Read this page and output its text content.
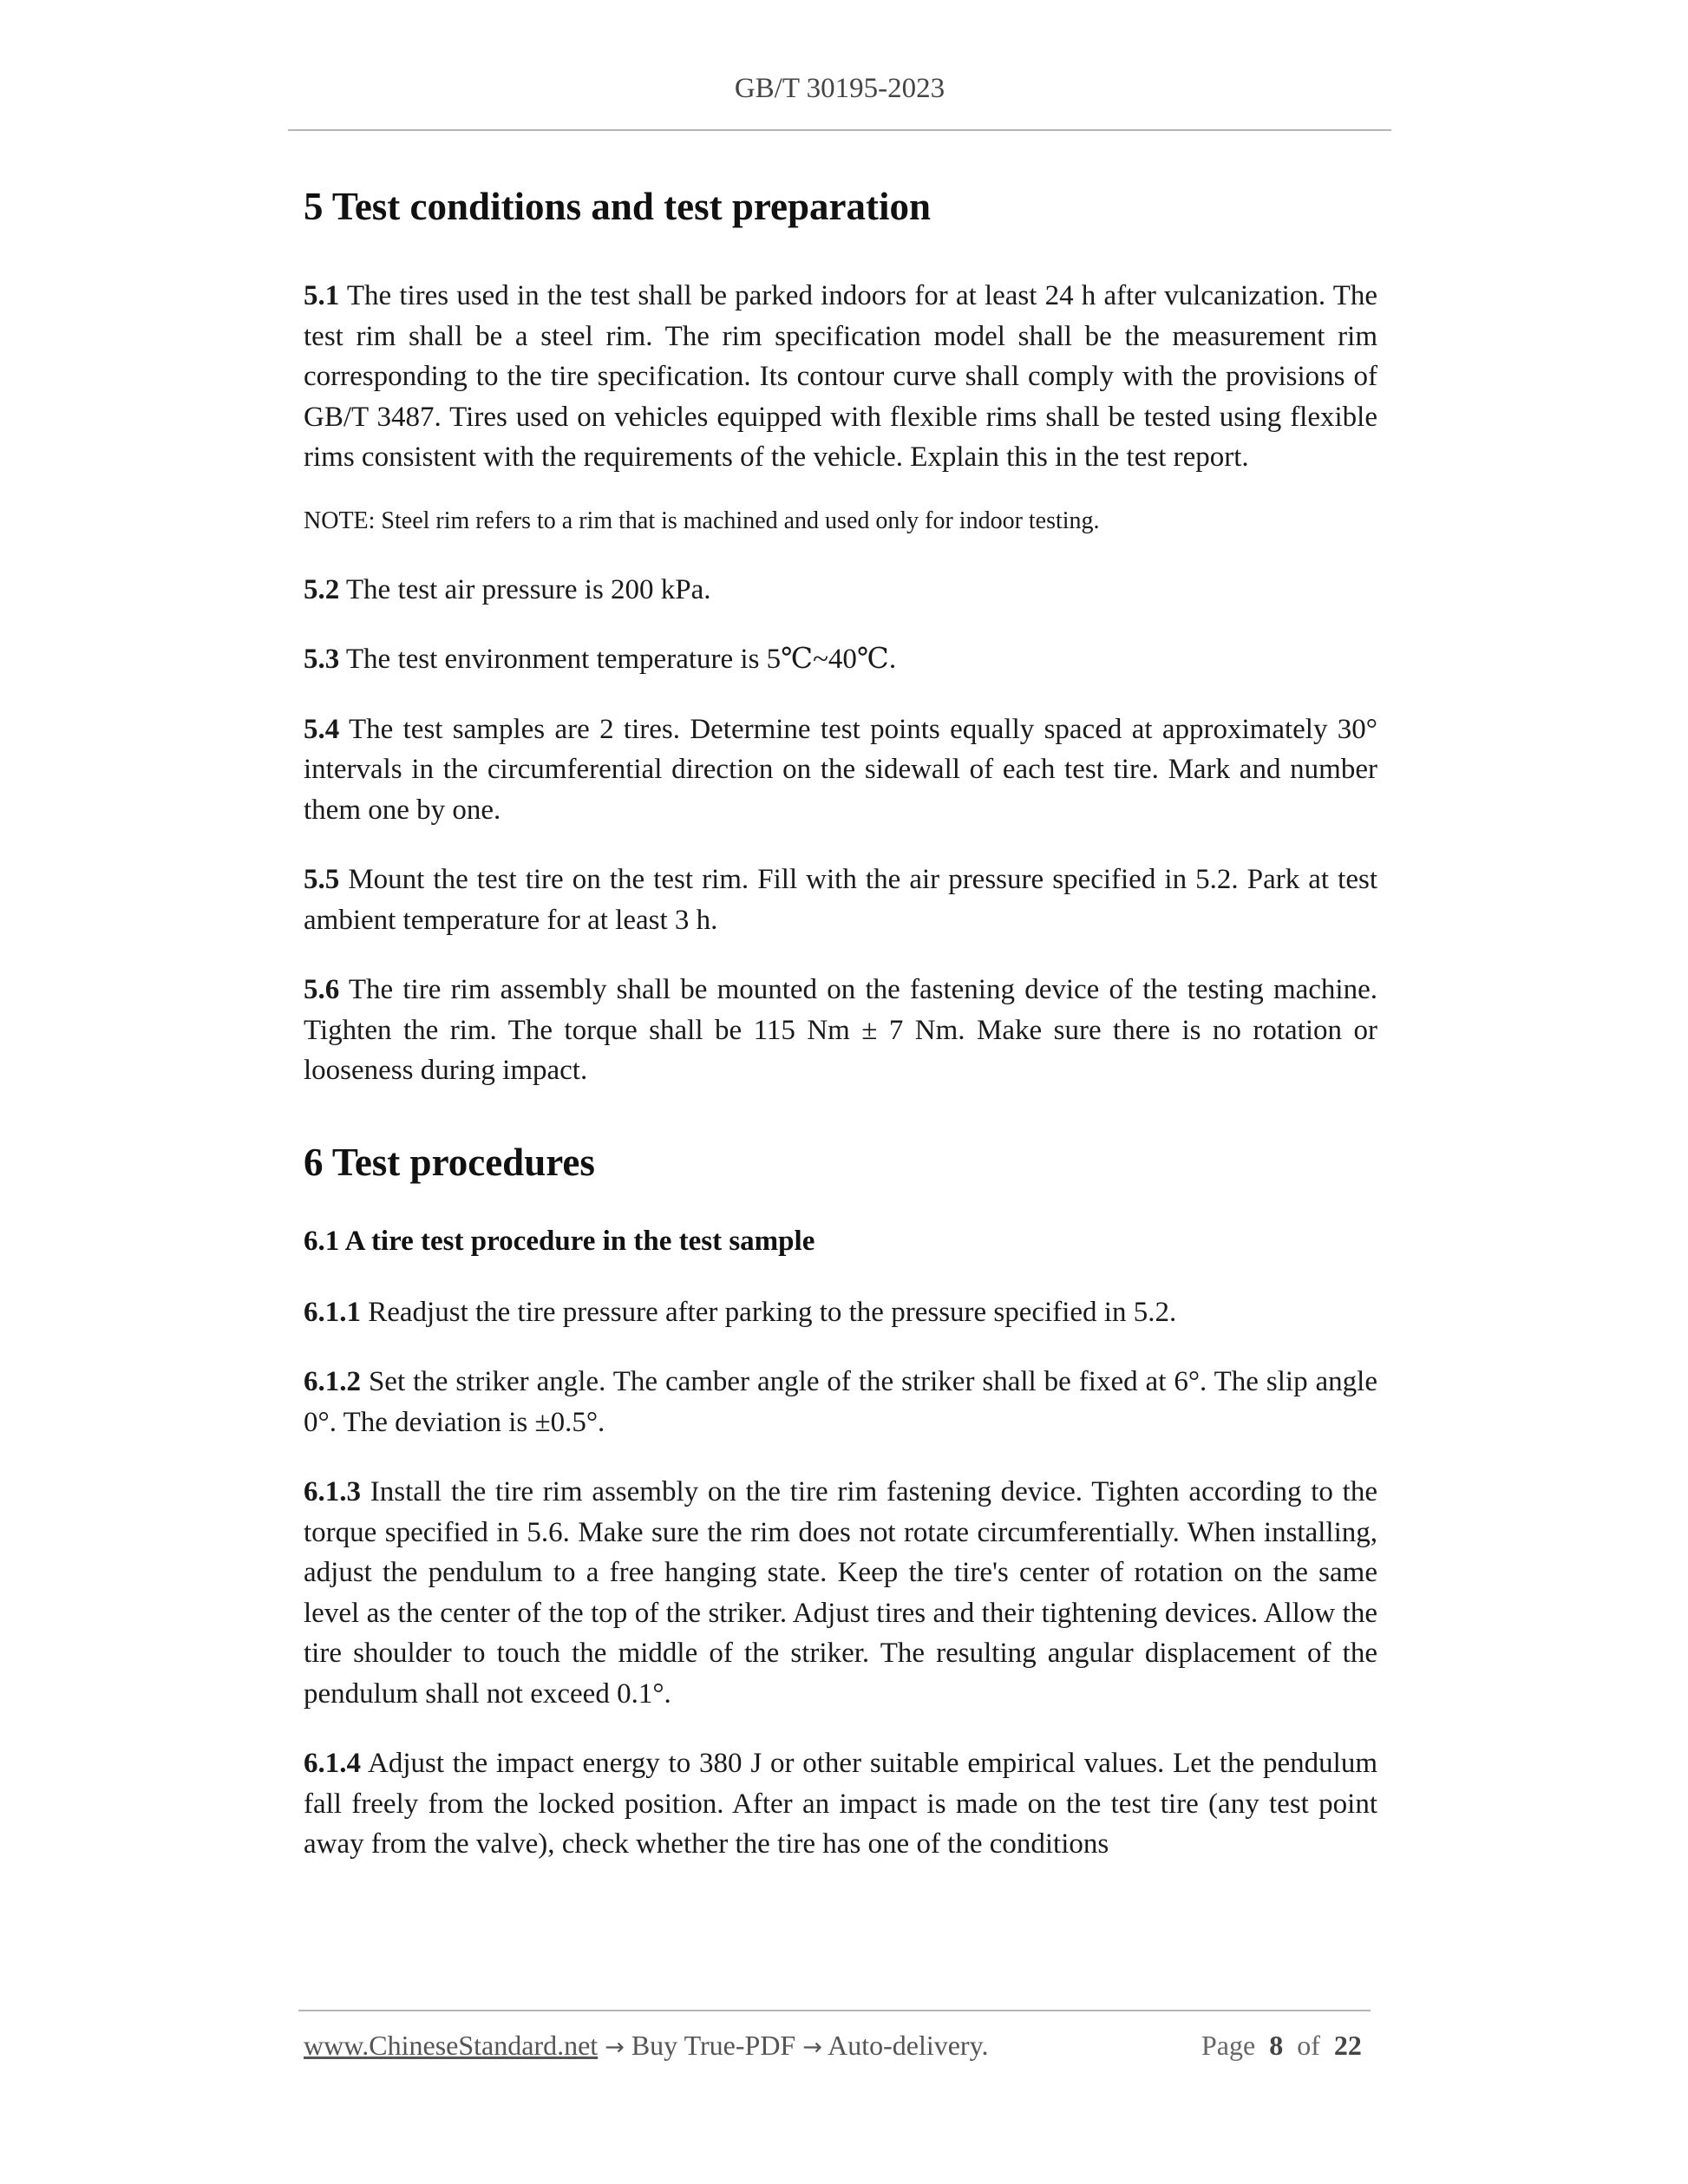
GB/T 30195-2023
5 Test conditions and test preparation

5.1 The tires used in the test shall be parked indoors for at least 24 h after vulcanization. The test rim shall be a steel rim. The rim specification model shall be the measurement rim corresponding to the tire specification. Its contour curve shall comply with the provisions of GB/T 3487. Tires used on vehicles equipped with flexible rims shall be tested using flexible rims consistent with the requirements of the vehicle. Explain this in the test report.

NOTE: Steel rim refers to a rim that is machined and used only for indoor testing.

5.2 The test air pressure is 200 kPa.

5.3 The test environment temperature is 5℃~40℃.

5.4 The test samples are 2 tires. Determine test points equally spaced at approximately 30° intervals in the circumferential direction on the sidewall of each test tire. Mark and number them one by one.

5.5 Mount the test tire on the test rim. Fill with the air pressure specified in 5.2. Park at test ambient temperature for at least 3 h.

5.6 The tire rim assembly shall be mounted on the fastening device of the testing machine. Tighten the rim. The torque shall be 115 Nm ± 7 Nm. Make sure there is no rotation or looseness during impact.

6 Test procedures
6.1 A tire test procedure in the test sample

6.1.1 Readjust the tire pressure after parking to the pressure specified in 5.2.

6.1.2 Set the striker angle. The camber angle of the striker shall be fixed at 6°. The slip angle 0°. The deviation is ±0.5°.

6.1.3 Install the tire rim assembly on the tire rim fastening device. Tighten according to the torque specified in 5.6. Make sure the rim does not rotate circumferentially. When installing, adjust the pendulum to a free hanging state. Keep the tire's center of rotation on the same level as the center of the top of the striker. Adjust tires and their tightening devices. Allow the tire shoulder to touch the middle of the striker. The resulting angular displacement of the pendulum shall not exceed 0.1°.

6.1.4 Adjust the impact energy to 380 J or other suitable empirical values. Let the pendulum fall freely from the locked position. After an impact is made on the test tire (any test point away from the valve), check whether the tire has one of the conditions

www.ChineseStandard.net → Buy True-PDF → Auto-delivery.	Page 8 of 22
